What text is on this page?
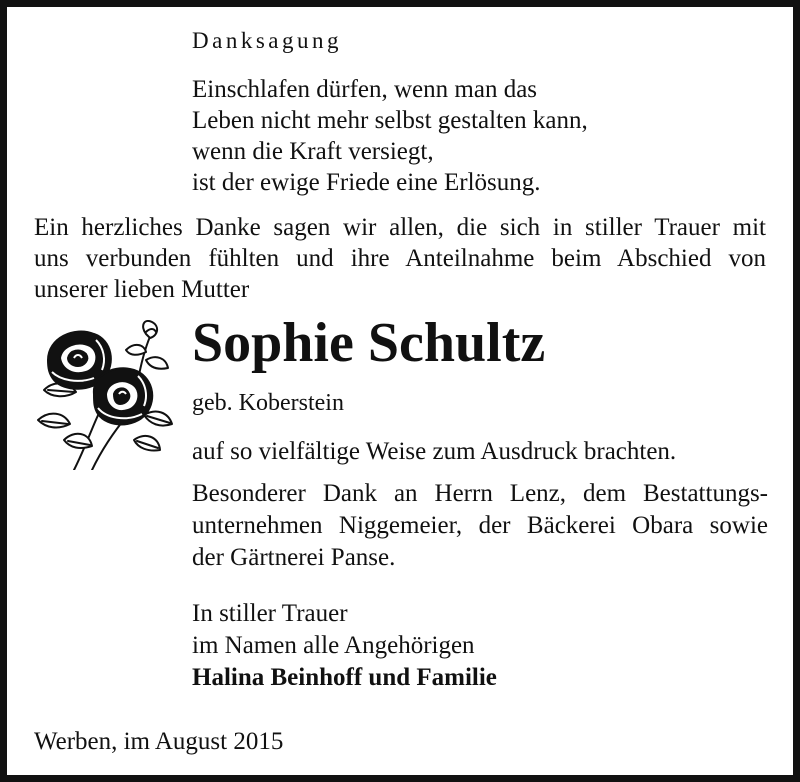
Danksagung

Einschlafen dürfen, wenn man das
Leben nicht mehr selbst gestalten kann,
wenn die Kraft versiegt,
ist der ewige Friede eine Erlösung.

Ein herzliches Danke sagen wir allen, die sich in stiller Trauer mit
uns verbunden fühlten und ihre Anteilnahme beim Abschied von
unserer lieben Mutter

Sophie Schultz

geb. Koberstein

auf so vielfältige Weise zum Ausdruck brachten.

Besonderer Dank an Herrn Lenz, dem Bestattungs-
unternehmen Niggemeier, der Bäckerei Obara sowie
der Gärtnerei Panse.

In stiller Trauer
im Namen alle Angehörigen
Halina Beinhoff und Familie

Werben, im August 2015
